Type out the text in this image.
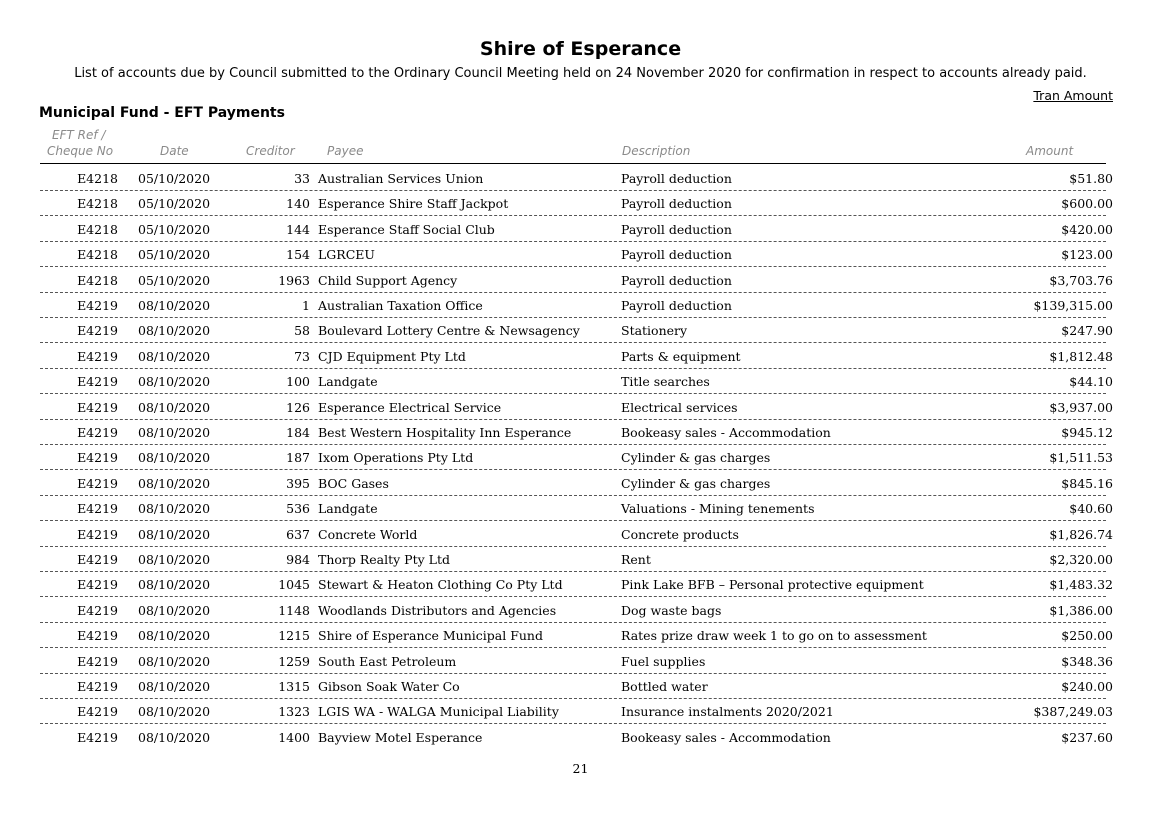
Shire of Esperance
List of accounts due by Council submitted to the Ordinary Council Meeting held on 24 November 2020 for confirmation in respect to accounts already paid.
Tran Amount
Municipal Fund - EFT Payments
EFT Ref /
Cheque No	Date	Creditor	Payee	Description	Amount
E4218 05/10/2020	33 Australian Services Union	Payroll deduction	$51.80
E4218 05/10/2020	140 Esperance Shire Staff Jackpot	Payroll deduction	$600.00
E4218 05/10/2020	144 Esperance Staff Social Club	Payroll deduction	$420.00
E4218 05/10/2020	154 LGRCEU	Payroll deduction	$123.00
E4218 05/10/2020	1963 Child Support Agency	Payroll deduction	$3,703.76
E4219 08/10/2020	1 Australian Taxation Office	Payroll deduction	$139,315.00
E4219 08/10/2020	58 Boulevard Lottery Centre & Newsagency	Stationery	$247.90
E4219 08/10/2020	73 CJD Equipment Pty Ltd	Parts & equipment	$1,812.48
E4219 08/10/2020	100 Landgate	Title searches	$44.10
E4219 08/10/2020	126 Esperance Electrical Service	Electrical services	$3,937.00
E4219 08/10/2020	184 Best Western Hospitality Inn Esperance	Bookeasy sales - Accommodation	$945.12
E4219 08/10/2020	187 Ixom Operations Pty Ltd	Cylinder & gas charges	$1,511.53
E4219 08/10/2020	395 BOC Gases	Cylinder & gas charges	$845.16
E4219 08/10/2020	536 Landgate	Valuations - Mining tenements	$40.60
E4219 08/10/2020	637 Concrete World	Concrete products	$1,826.74
E4219 08/10/2020	984 Thorp Realty Pty Ltd	Rent	$2,320.00
E4219 08/10/2020	1045 Stewart & Heaton Clothing Co Pty Ltd	Pink Lake BFB – Personal protective equipment	$1,483.32
E4219 08/10/2020	1148 Woodlands Distributors and Agencies	Dog waste bags	$1,386.00
E4219 08/10/2020	1215 Shire of Esperance Municipal Fund	Rates prize draw week 1 to go on to assessment	$250.00
E4219 08/10/2020	1259 South East Petroleum	Fuel supplies	$348.36
E4219 08/10/2020	1315 Gibson Soak Water Co	Bottled water	$240.00
E4219 08/10/2020	1323 LGIS WA - WALGA Municipal Liability	Insurance instalments 2020/2021	$387,249.03
E4219 08/10/2020	1400 Bayview Motel Esperance	Bookeasy sales - Accommodation	$237.60
21
